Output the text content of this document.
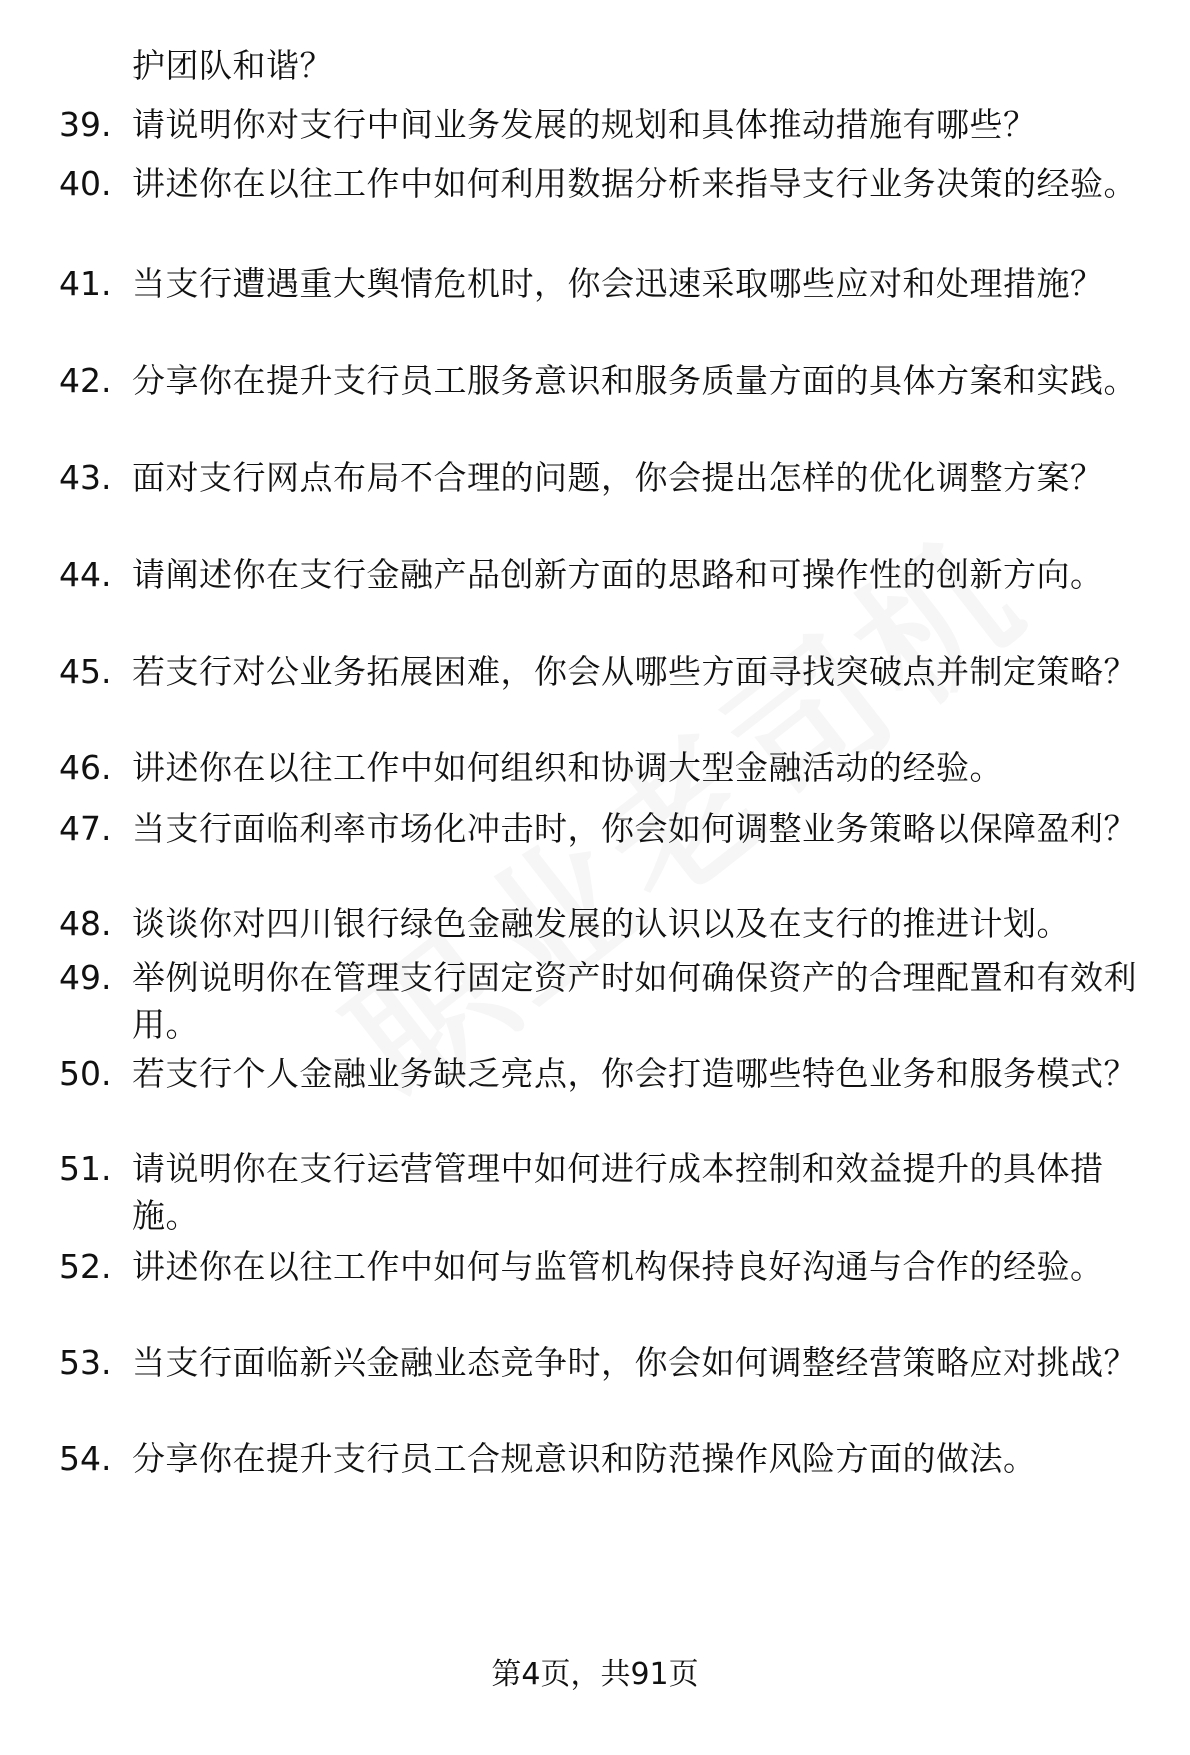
护团队和谐？
39. 请说明你对支行中间业务发展的规划和具体推动措施有哪些？
40. 讲述你在以往工作中如何利用数据分析来指导支行业务决策的经验。
41. 当支行遭遇重大舆情危机时，你会迅速采取哪些应对和处理措施？
42. 分享你在提升支行员工服务意识和服务质量方面的具体方案和实践。
43. 面对支行网点布局不合理的问题，你会提出怎样的优化调整方案？
44. 请阐述你在支行金融产品创新方面的思路和可操作性的创新方向。
45. 若支行对公业务拓展困难，你会从哪些方面寻找突破点并制定策略？
46. 讲述你在以往工作中如何组织和协调大型金融活动的经验。
47. 当支行面临利率市场化冲击时，你会如何调整业务策略以保障盈利？
48. 谈谈你对四川银行绿色金融发展的认识以及在支行的推进计划。
49. 举例说明你在管理支行固定资产时如何确保资产的合理配置和有效利用。
50. 若支行个人金融业务缺乏亮点，你会打造哪些特色业务和服务模式？
51. 请说明你在支行运营管理中如何进行成本控制和效益提升的具体措施。
52. 讲述你在以往工作中如何与监管机构保持良好沟通与合作的经验。
53. 当支行面临新兴金融业态竞争时，你会如何调整经营策略应对挑战？
54. 分享你在提升支行员工合规意识和防范操作风险方面的做法。
第4页，共91页
